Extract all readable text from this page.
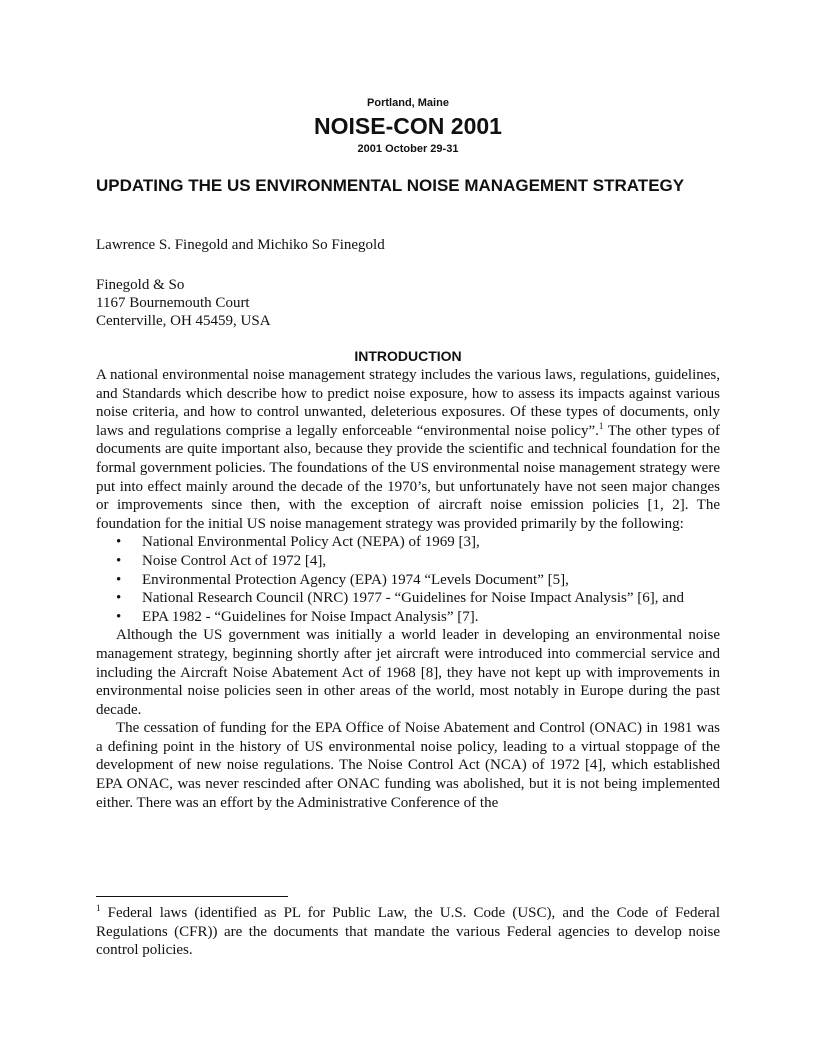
Portland, Maine
NOISE-CON 2001
2001 October 29-31
UPDATING THE US ENVIRONMENTAL NOISE MANAGEMENT STRATEGY
Lawrence S. Finegold and Michiko So Finegold
Finegold & So
1167 Bournemouth Court
Centerville, OH 45459, USA
INTRODUCTION

A national environmental noise management strategy includes the various laws, regulations, guidelines, and Standards which describe how to predict noise exposure, how to assess its impacts against various noise criteria, and how to control unwanted, deleterious exposures. Of these types of documents, only laws and regulations comprise a legally enforceable “environmental noise policy”.$^1$ The other types of documents are quite important also, because they provide the scientific and technical foundation for the formal government policies. The foundations of the US environmental noise management strategy were put into effect mainly around the decade of the 1970’s, but unfortunately have not seen major changes or improvements since then, with the exception of aircraft noise emission policies [1, 2]. The foundation for the initial US noise management strategy was provided primarily by the following:

• National Environmental Policy Act (NEPA) of 1969 [3],
• Noise Control Act of 1972 [4],
• Environmental Protection Agency (EPA) 1974 “Levels Document” [5],
• National Research Council (NRC) 1977 - “Guidelines for Noise Impact Analysis” [6], and
• EPA 1982 - “Guidelines for Noise Impact Analysis” [7].

Although the US government was initially a world leader in developing an environmental noise management strategy, beginning shortly after jet aircraft were introduced into commercial service and including the Aircraft Noise Abatement Act of 1968 [8], they have not kept up with improvements in environmental noise policies seen in other areas of the world, most notably in Europe during the past decade.

The cessation of funding for the EPA Office of Noise Abatement and Control (ONAC) in 1981 was a defining point in the history of US environmental noise policy, leading to a virtual stoppage of the development of new noise regulations. The Noise Control Act (NCA) of 1972 [4], which established EPA ONAC, was never rescinded after ONAC funding was abolished, but it is not being implemented either. There was an effort by the Administrative Conference of the

$^1$ Federal laws (identified as PL for Public Law, the U.S. Code (USC), and the Code of Federal Regulations (CFR)) are the documents that mandate the various Federal agencies to develop noise control policies.
